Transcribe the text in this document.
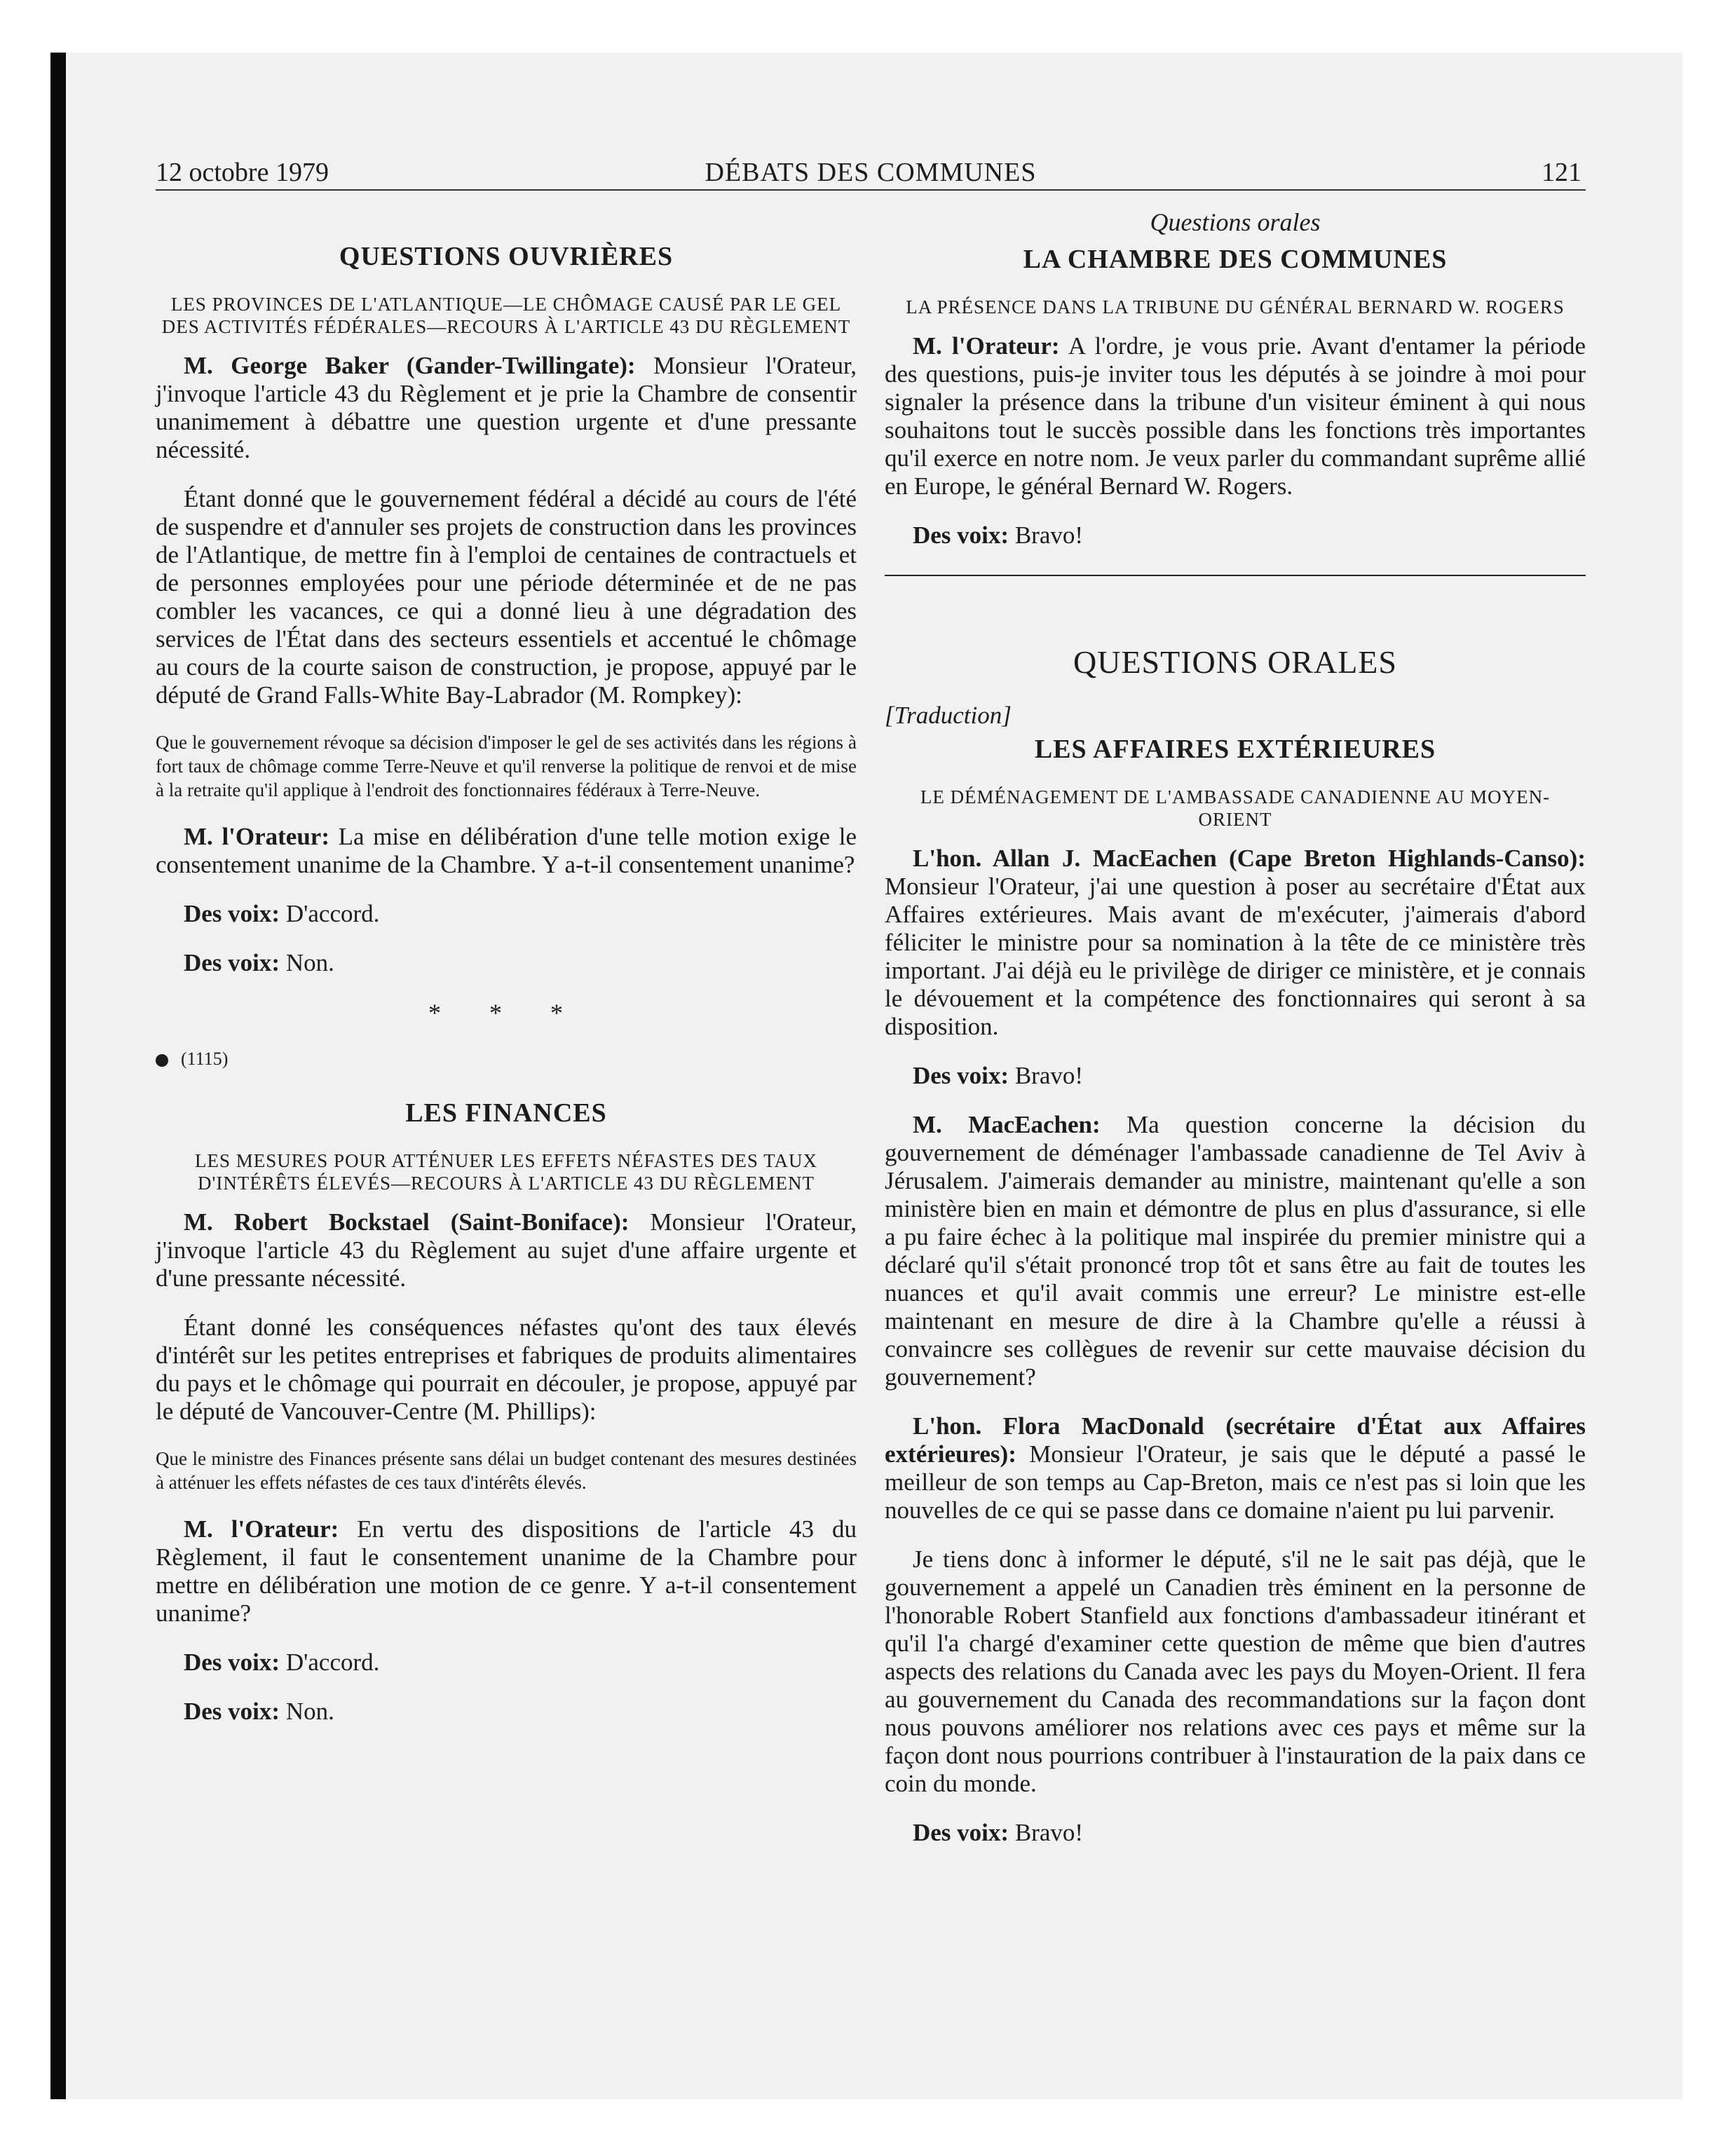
12 octobre 1979	DÉBATS DES COMMUNES	121
QUESTIONS OUVRIÈRES
LES PROVINCES DE L'ATLANTIQUE—LE CHÔMAGE CAUSÉ PAR LE GEL DES ACTIVITÉS FÉDÉRALES—RECOURS À L'ARTICLE 43 DU RÈGLEMENT

M. George Baker (Gander-Twillingate): Monsieur l'Orateur, j'invoque l'article 43 du Règlement et je prie la Chambre de consentir unanimement à débattre une question urgente et d'une pressante nécessité.

Étant donné que le gouvernement fédéral a décidé au cours de l'été de suspendre et d'annuler ses projets de construction dans les provinces de l'Atlantique, de mettre fin à l'emploi de centaines de contractuels et de personnes employées pour une période déterminée et de ne pas combler les vacances, ce qui a donné lieu à une dégradation des services de l'État dans des secteurs essentiels et accentué le chômage au cours de la courte saison de construction, je propose, appuyé par le député de Grand Falls-White Bay-Labrador (M. Rompkey):

Que le gouvernement révoque sa décision d'imposer le gel de ses activités dans les régions à fort taux de chômage comme Terre-Neuve et qu'il renverse la politique de renvoi et de mise à la retraite qu'il applique à l'endroit des fonctionnaires fédéraux à Terre-Neuve.

M. l'Orateur: La mise en délibération d'une telle motion exige le consentement unanime de la Chambre. Y a-t-il consentement unanime?

Des voix: D'accord.

Des voix: Non.

* * *
(1115)
LES FINANCES
LES MESURES POUR ATTÉNUER LES EFFETS NÉFASTES DES TAUX D'INTÉRÊTS ÉLEVÉS—RECOURS À L'ARTICLE 43 DU RÈGLEMENT

M. Robert Bockstael (Saint-Boniface): Monsieur l'Orateur, j'invoque l'article 43 du Règlement au sujet d'une affaire urgente et d'une pressante nécessité.

Étant donné les conséquences néfastes qu'ont des taux élevés d'intérêt sur les petites entreprises et fabriques de produits alimentaires du pays et le chômage qui pourrait en découler, je propose, appuyé par le député de Vancouver-Centre (M. Phillips):

Que le ministre des Finances présente sans délai un budget contenant des mesures destinées à atténuer les effets néfastes de ces taux d'intérêts élevés.

M. l'Orateur: En vertu des dispositions de l'article 43 du Règlement, il faut le consentement unanime de la Chambre pour mettre en délibération une motion de ce genre. Y a-t-il consentement unanime?

Des voix: D'accord.

Des voix: Non.

Questions orales
LA CHAMBRE DES COMMUNES
LA PRÉSENCE DANS LA TRIBUNE DU GÉNÉRAL BERNARD W. ROGERS

M. l'Orateur: A l'ordre, je vous prie. Avant d'entamer la période des questions, puis-je inviter tous les députés à se joindre à moi pour signaler la présence dans la tribune d'un visiteur éminent à qui nous souhaitons tout le succès possible dans les fonctions très importantes qu'il exerce en notre nom. Je veux parler du commandant suprême allié en Europe, le général Bernard W. Rogers.

Des voix: Bravo!

QUESTIONS ORALES
[Traduction]
LES AFFAIRES EXTÉRIEURES
LE DÉMÉNAGEMENT DE L'AMBASSADE CANADIENNE AU MOYEN-ORIENT

L'hon. Allan J. MacEachen (Cape Breton Highlands-Canso): Monsieur l'Orateur, j'ai une question à poser au secrétaire d'État aux Affaires extérieures. Mais avant de m'exécuter, j'aimerais d'abord féliciter le ministre pour sa nomination à la tête de ce ministère très important. J'ai déjà eu le privilège de diriger ce ministère, et je connais le dévouement et la compétence des fonctionnaires qui seront à sa disposition.

Des voix: Bravo!

M. MacEachen: Ma question concerne la décision du gouvernement de déménager l'ambassade canadienne de Tel Aviv à Jérusalem. J'aimerais demander au ministre, maintenant qu'elle a son ministère bien en main et démontre de plus en plus d'assurance, si elle a pu faire échec à la politique mal inspirée du premier ministre qui a déclaré qu'il s'était prononcé trop tôt et sans être au fait de toutes les nuances et qu'il avait commis une erreur? Le ministre est-elle maintenant en mesure de dire à la Chambre qu'elle a réussi à convaincre ses collègues de revenir sur cette mauvaise décision du gouvernement?

L'hon. Flora MacDonald (secrétaire d'État aux Affaires extérieures): Monsieur l'Orateur, je sais que le député a passé le meilleur de son temps au Cap-Breton, mais ce n'est pas si loin que les nouvelles de ce qui se passe dans ce domaine n'aient pu lui parvenir.

Je tiens donc à informer le député, s'il ne le sait pas déjà, que le gouvernement a appelé un Canadien très éminent en la personne de l'honorable Robert Stanfield aux fonctions d'ambassadeur itinérant et qu'il l'a chargé d'examiner cette question de même que bien d'autres aspects des relations du Canada avec les pays du Moyen-Orient. Il fera au gouvernement du Canada des recommandations sur la façon dont nous pouvons améliorer nos relations avec ces pays et même sur la façon dont nous pourrions contribuer à l'instauration de la paix dans ce coin du monde.

Des voix: Bravo!
